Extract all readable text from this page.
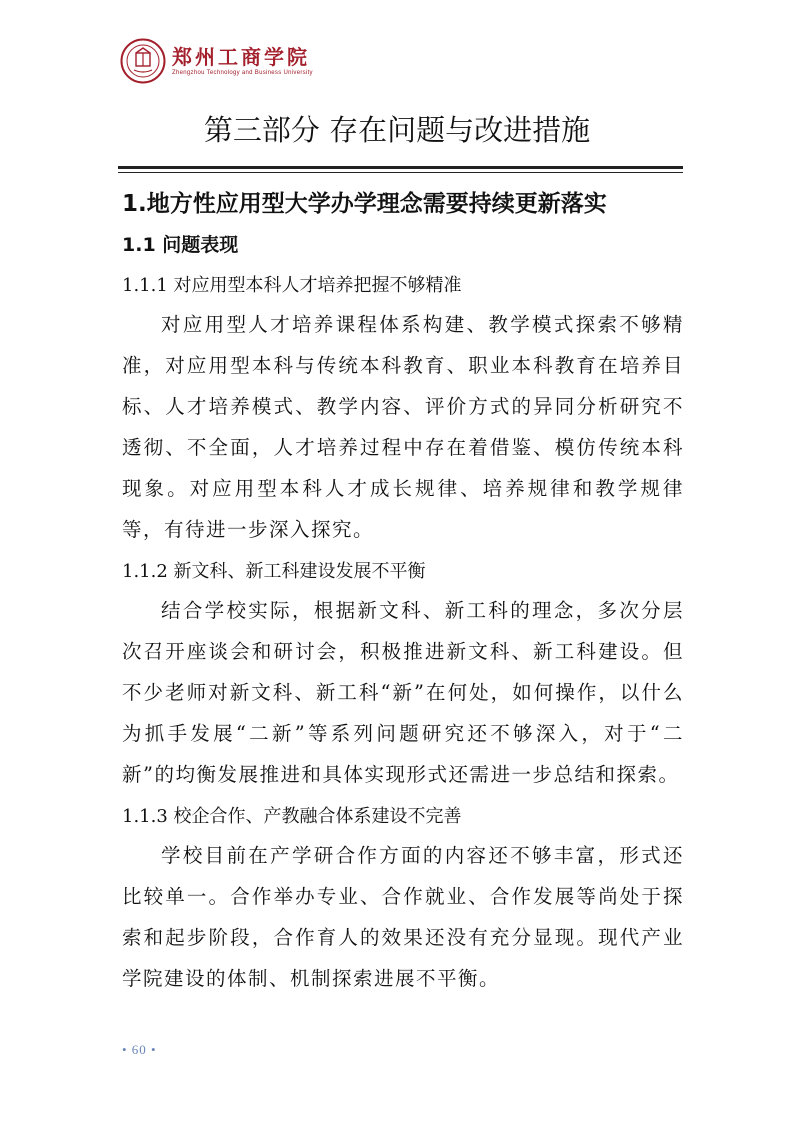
郑州工商学院
Zhengzhou Technology and Business University
第三部分 存在问题与改进措施
1.地方性应用型大学办学理念需要持续更新落实
1.1 问题表现
1.1.1 对应用型本科人才培养把握不够精准

对应用型人才培养课程体系构建、教学模式探索不够精准，对应用型本科与传统本科教育、职业本科教育在培养目标、人才培养模式、教学内容、评价方式的异同分析研究不透彻、不全面，人才培养过程中存在着借鉴、模仿传统本科现象。对应用型本科人才成长规律、培养规律和教学规律等，有待进一步深入探究。

1.1.2 新文科、新工科建设发展不平衡

结合学校实际，根据新文科、新工科的理念，多次分层次召开座谈会和研讨会，积极推进新文科、新工科建设。但不少老师对新文科、新工科“新”在何处，如何操作，以什么为抓手发展“二新”等系列问题研究还不够深入，对于“二新”的均衡发展推进和具体实现形式还需进一步总结和探索。

1.1.3 校企合作、产教融合体系建设不完善

学校目前在产学研合作方面的内容还不够丰富，形式还比较单一。合作举办专业、合作就业、合作发展等尚处于探索和起步阶段，合作育人的效果还没有充分显现。现代产业学院建设的体制、机制探索进展不平衡。

• 60 •
